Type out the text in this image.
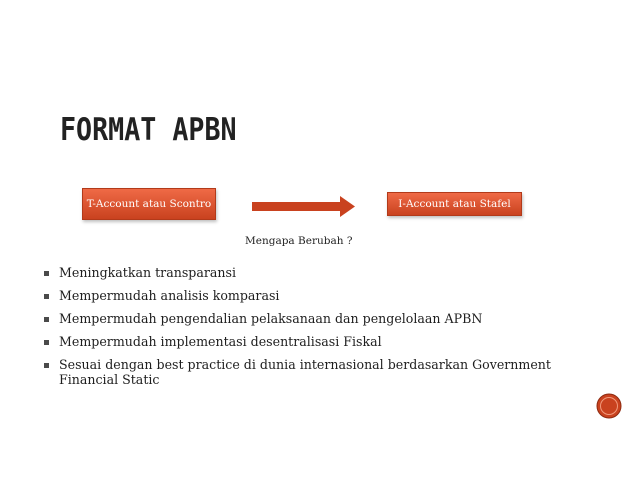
FORMAT APBN
T-Account atau Scontro	I-Account atau Stafel
Mengapa Berubah ?
Meningkatkan transparansi
Mempermudah analisis komparasi
Mempermudah pengendalian pelaksanaan dan pengelolaan APBN
Mempermudah implementasi desentralisasi Fiskal
Sesuai dengan best practice di dunia internasional berdasarkan Government Financial Static
